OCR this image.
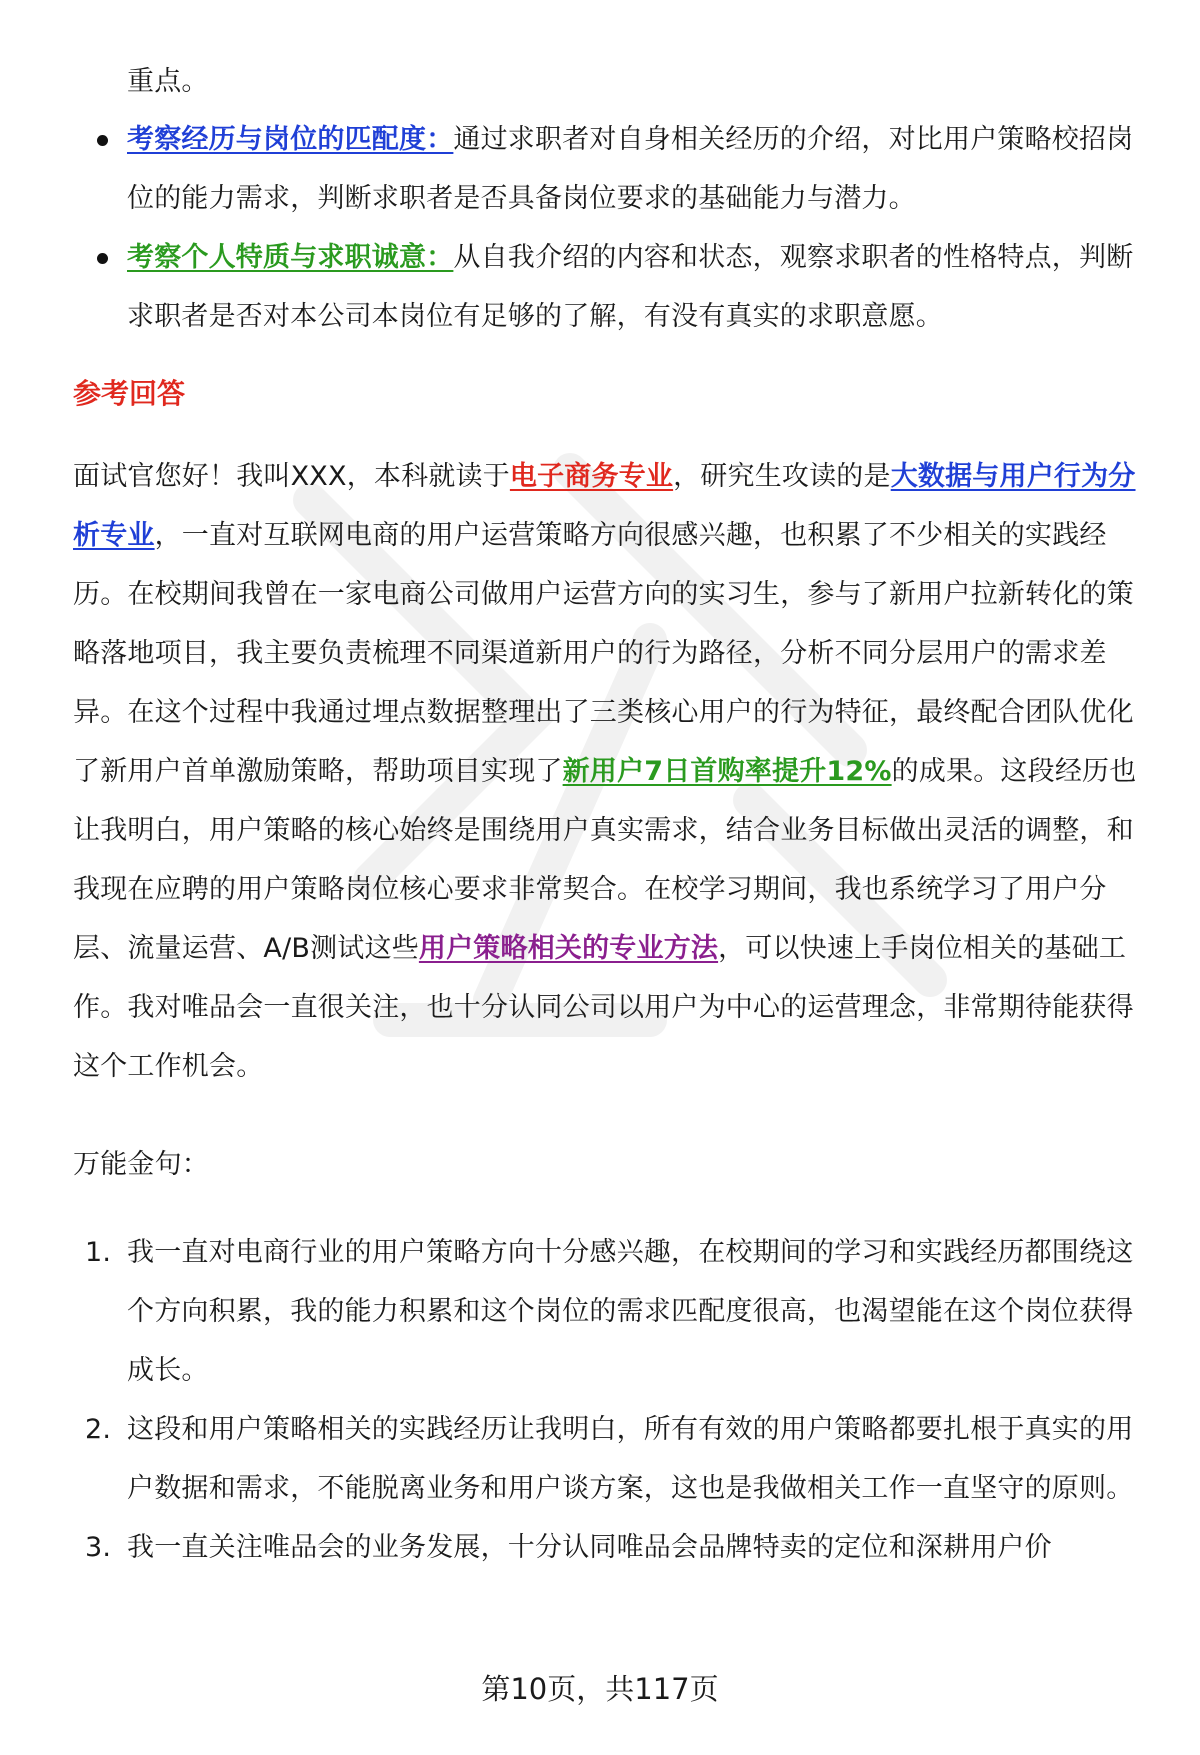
重点。

考察经历与岗位的匹配度：通过求职者对自身相关经历的介绍，对比用户策略校招岗位的能力需求，判断求职者是否具备岗位要求的基础能力与潜力。
考察个人特质与求职诚意：从自我介绍的内容和状态，观察求职者的性格特点，判断求职者是否对本公司本岗位有足够的了解，有没有真实的求职意愿。
参考回答

面试官您好！我叫XXX，本科就读于电子商务专业，研究生攻读的是大数据与用户行为分析专业，一直对互联网电商的用户运营策略方向很感兴趣，也积累了不少相关的实践经历。在校期间我曾在一家电商公司做用户运营方向的实习生，参与了新用户拉新转化的策略落地项目，我主要负责梳理不同渠道新用户的行为路径，分析不同分层用户的需求差异。在这个过程中我通过埋点数据整理出了三类核心用户的行为特征，最终配合团队优化了新用户首单激励策略，帮助项目实现了新用户7日首购率提升12%的成果。这段经历也让我明白，用户策略的核心始终是围绕用户真实需求，结合业务目标做出灵活的调整，和我现在应聘的用户策略岗位核心要求非常契合。在校学习期间，我也系统学习了用户分层、流量运营、A/B测试这些用户策略相关的专业方法，可以快速上手岗位相关的基础工作。我对唯品会一直很关注，也十分认同公司以用户为中心的运营理念，非常期待能获得这个工作机会。

万能金句：

1. 我一直对电商行业的用户策略方向十分感兴趣，在校期间的学习和实践经历都围绕这个方向积累，我的能力积累和这个岗位的需求匹配度很高，也渴望能在这个岗位获得成长。
2. 这段和用户策略相关的实践经历让我明白，所有有效的用户策略都要扎根于真实的用户数据和需求，不能脱离业务和用户谈方案，这也是我做相关工作一直坚守的原则。
3. 我一直关注唯品会的业务发展，十分认同唯品会品牌特卖的定位和深耕用户价
第10页，共117页
